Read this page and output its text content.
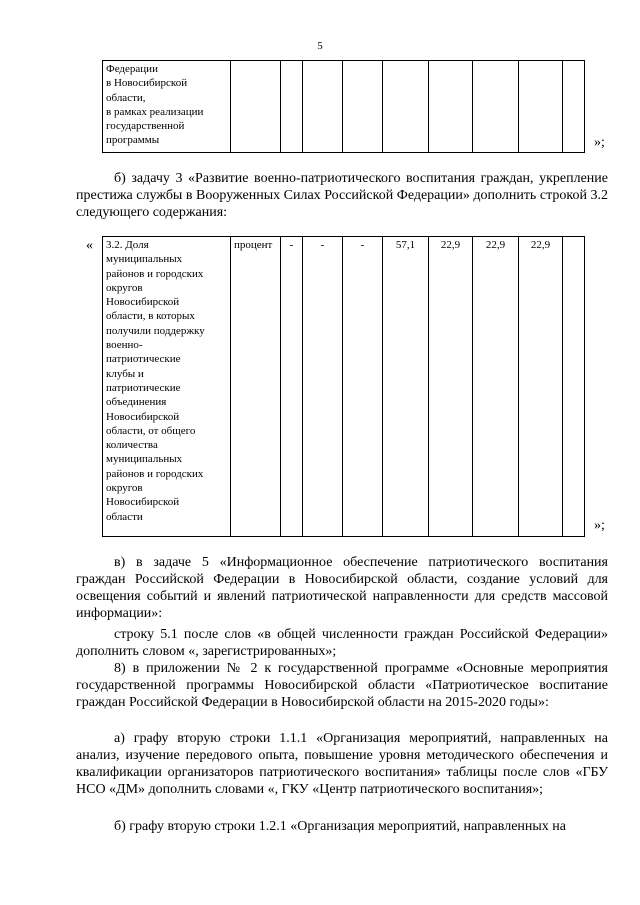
5
Федерации
в Новосибирской
области,
в рамках реализации
государственной
программы										»;

б) задачу 3 «Развитие военно-патриотического воспитания граждан, укрепление престижа службы в Вооруженных Силах Российской Федерации» дополнить строкой 3.2 следующего содержания:

« 3.2. Доля
муниципальных
районов и городских
округов
Новосибирской
области, в которых
получили поддержку
военно-
патриотические
клубы и
патриотические
объединения
Новосибирской
области, от общего
количества
муниципальных
районов и городских
округов
Новосибирской
области	процент	-	-	-	57,1	22,9	22,9	22,9	
»;

в) в задаче 5 «Информационное обеспечение патриотического воспитания граждан Российской Федерации в Новосибирской области, создание условий для освещения событий и явлений патриотической направленности для средств массовой информации»:

строку 5.1 после слов «в общей численности граждан Российской Федерации» дополнить словом «, зарегистрированных»;

8) в приложении № 2 к государственной программе «Основные мероприятия государственной программы Новосибирской области «Патриотическое воспитание граждан Российской Федерации в Новосибирской области на 2015-2020 годы»:

а) графу вторую строки 1.1.1 «Организация мероприятий, направленных на анализ, изучение передового опыта, повышение уровня методического обеспечения и квалификации организаторов патриотического воспитания» таблицы после слов «ГБУ НСО «ДМ» дополнить словами «, ГКУ «Центр патриотического воспитания»;

б) графу вторую строки 1.2.1 «Организация мероприятий, направленных на
